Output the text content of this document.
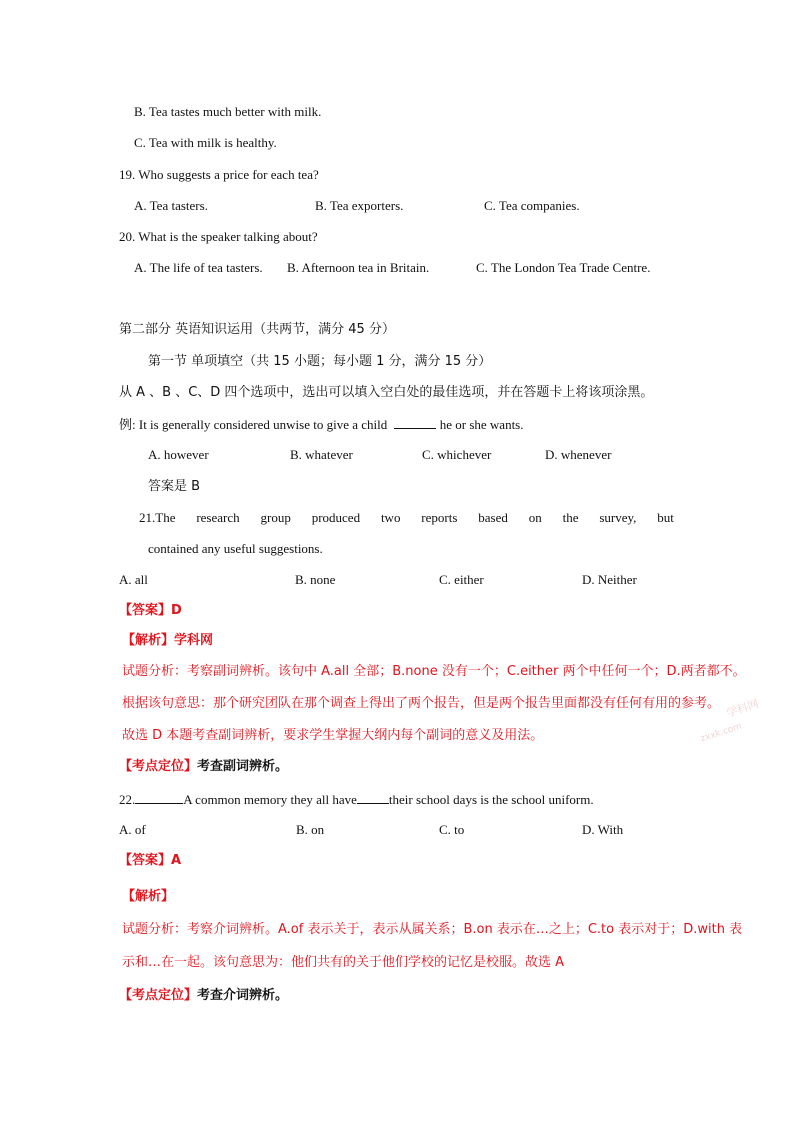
B. Tea tastes much better with milk.
C. Tea with milk is healthy.
19. Who suggests a price for each tea?
A. Tea tasters.	B. Tea exporters.	C. Tea companies.
20. What is the speaker talking about?
A. The life of tea tasters. B. Afternoon tea in Britain.	C. The London Tea Trade Centre.
第二部分 英语知识运用（共两节，满分 45 分）
第一节 单项填空（共 15 小题；每小题 1 分，满分 15 分）
从 A 、B 、C、D 四个选项中，选出可以填入空白处的最佳选项，并在答题卡上将该项涂黑。
例: It is generally considered unwise to give a child	he or she wants.
A. however	B. whatever	C. whichever	D. whenever
答案是 B
21.The research group produced two reports based on the survey, but
contained any useful suggestions.
A. all	B. none	C. either	D. Neither
【答案】D
【解析】学科网
试题分析：考察副词辨析。该句中 A.all 全部；B.none 没有一个；C.either 两个中任何一个；D.两者都不。
根据该句意思：那个研究团队在那个调查上得出了两个报告，但是两个报告里面都没有任何有用的参考。
故选 D 本题考查副词辨析，要求学生掌握大纲内每个副词的意义及用法。
【考点定位】考查副词辨析。
22.	A common memory they all have their school days is the school uniform.
A. of	B. on	C. to	D. With
【答案】A
【解析】
试题分析：考察介词辨析。A.of 表示关于，表示从属关系；B.on 表示在…之上；C.to 表示对于；D.with 表
示和…在一起。该句意思为：他们共有的关于他们学校的记忆是校服。故选 A
【考点定位】考查介词辨析。
学科网
zxxk.com
